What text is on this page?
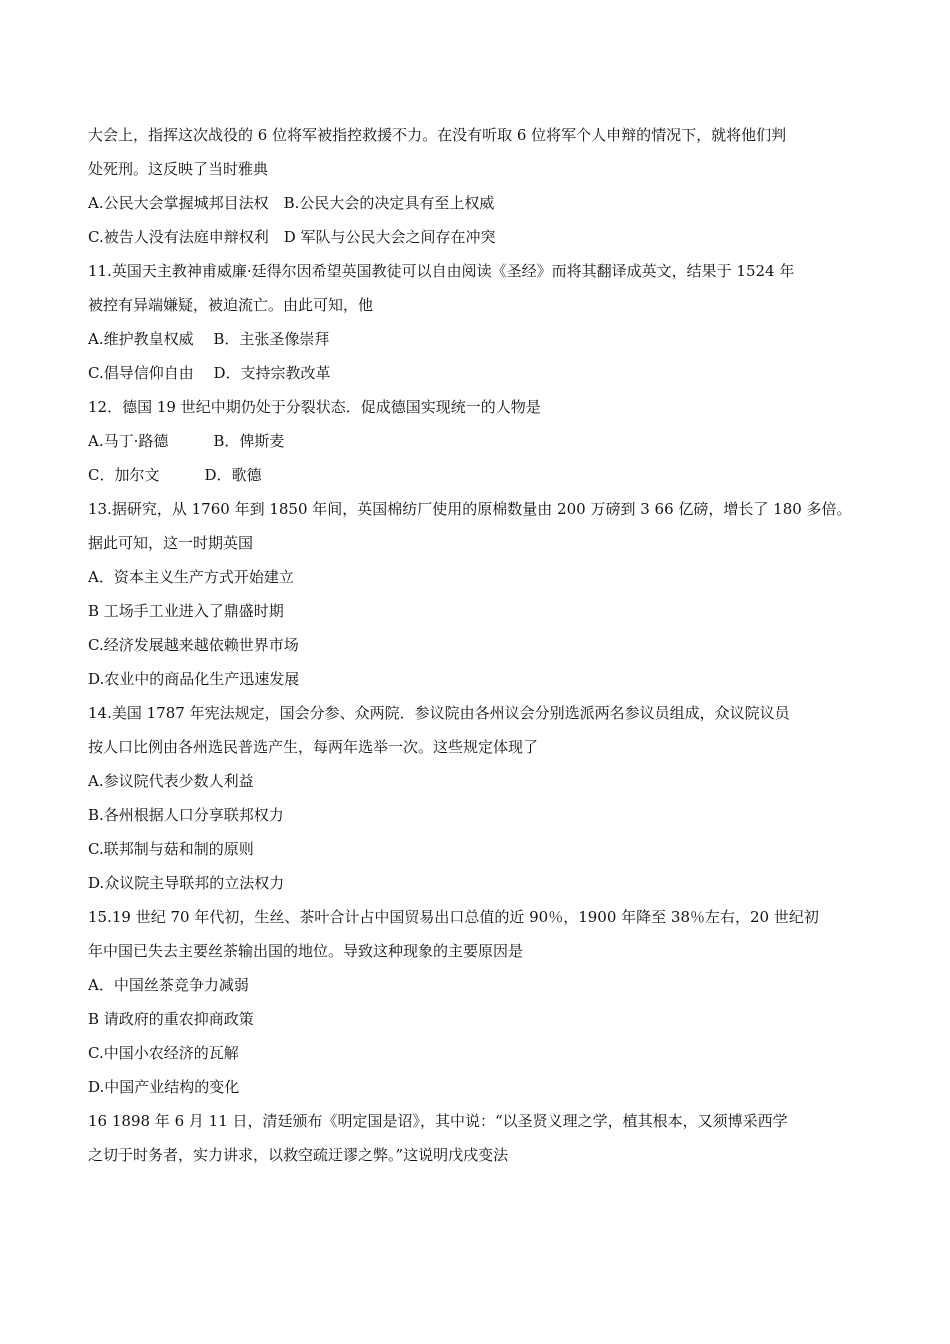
大会上，指挥这次战役的 6 位将军被指控救援不力。在没有听取 6 位将军个人申辩的情况下，就将他们判
处死刑。这反映了当时雅典
A.公民大会掌握城邦目法权　B.公民大会的决定具有至上权威
C.被告人没有法庭申辩权利　D 军队与公民大会之间存在冲突
11.英国天主教神甫威廉·廷得尔因希望英国教徒可以自由阅读《圣经》而将其翻译成英文，结果于 1524 年
被控有异端嫌疑，被迫流亡。由此可知，他
A.维护教皇权威　 B．主张圣像崇拜
C.倡导信仰自由　 D．支持宗教改革
12．德国 19 世纪中期仍处于分裂状态．促成德国实现统一的人物是
A.马丁·路德　　　B．俾斯麦
C．加尔文　　　D．歌德
13.据研究，从 1760 年到 1850 年间，英国棉纺厂使用的原棉数量由 200 万磅到 3 66 亿磅，增长了 180 多倍。
据此可知，这一时期英国
A．资本主义生产方式开始建立
B 工场手工业进入了鼎盛时期
C.经济发展越来越依赖世界市场
D.农业中的商品化生产迅速发展
14.美国 1787 年宪法规定，国会分参、众两院．参议院由各州议会分别选派两名参议员组成，众议院议员
按人口比例由各州选民普选产生，每两年选举一次。这些规定体现了
A.参议院代表少数人利益
B.各州根据人口分享联邦权力
C.联邦制与菇和制的原则
D.众议院主导联邦的立法权力
15.19 世纪 70 年代初，生丝、茶叶合计占中国贸易出口总值的近 90％，1900 年降至 38％左右，20 世纪初
年中国已失去主要丝茶输出国的地位。导致这种现象的主要原因是
A．中国丝茶竞争力减弱
B 请政府的重农抑商政策
C.中国小农经济的瓦解
D.中国产业结构的变化
16 1898 年 6 月 11 日，清廷颁布《明定国是诏》，其中说：“以圣贤义理之学，植其根本，又须博采西学
之切于时务者，实力讲求，以救空疏迂谬之弊。”这说明戊戌变法
